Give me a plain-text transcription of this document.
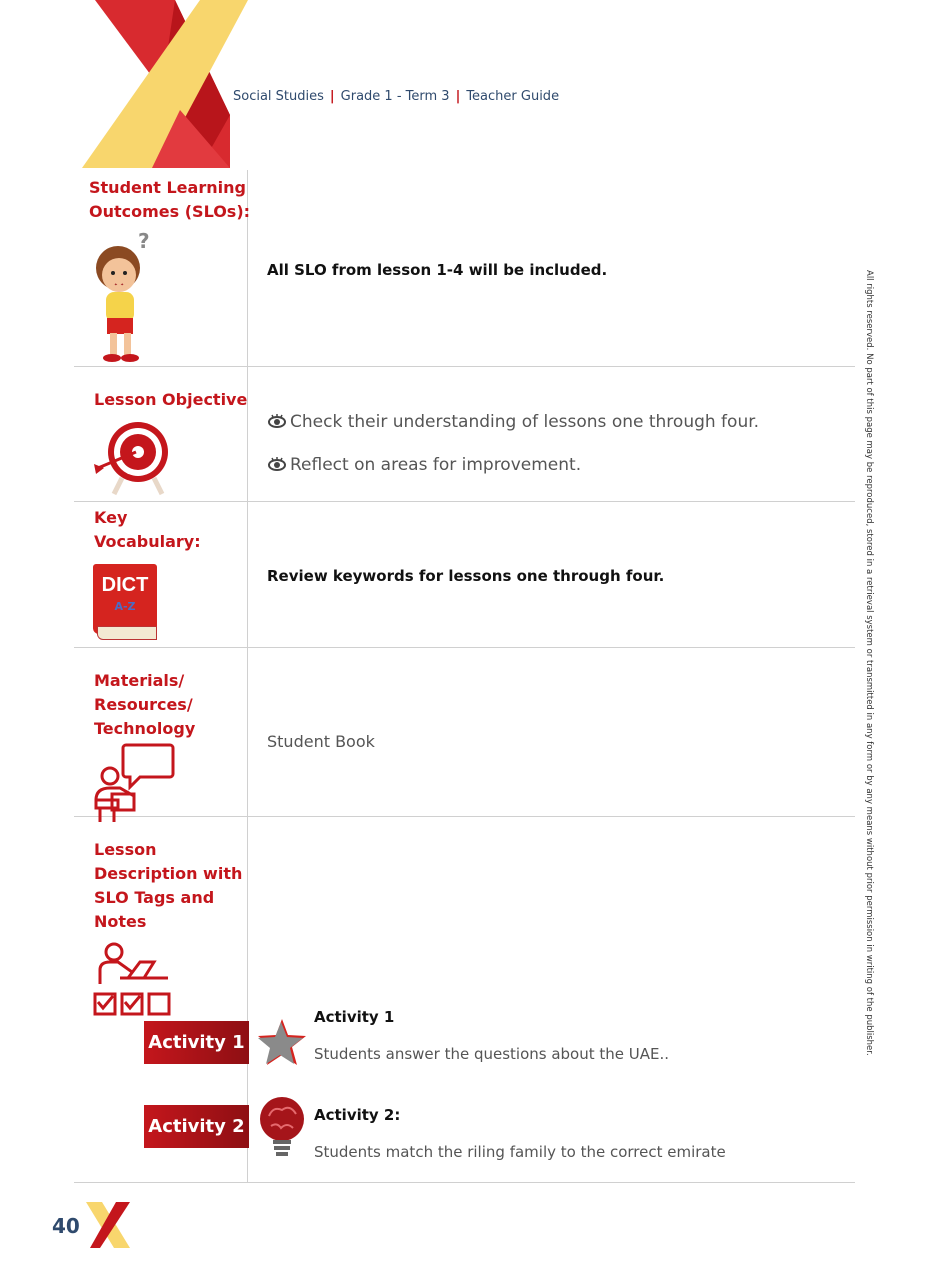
Social Studies | Grade 1 - Term 3 | Teacher Guide
Student Learning
Outcomes (SLOs):
?
All SLO from lesson 1-4 will be included.
Lesson Objective
Check their understanding of lessons one through four.
Reflect on areas for improvement.
Key
Vocabulary:
DICT
A-Z
Review keywords for lessons one through four.
Materials/
Resources/
Technology
Student Book
Lesson
Description with
SLO Tags and
Notes
Activity 1
Activity 1
Students answer the questions about the UAE..
Activity 2
Activity 2:
Students match the riling family to the correct emirate
All rights reserved. No part of this page may be reproduced, stored in a retrieval system or transmitted in any form or by any means without prior permission in writing of the publisher.
40
